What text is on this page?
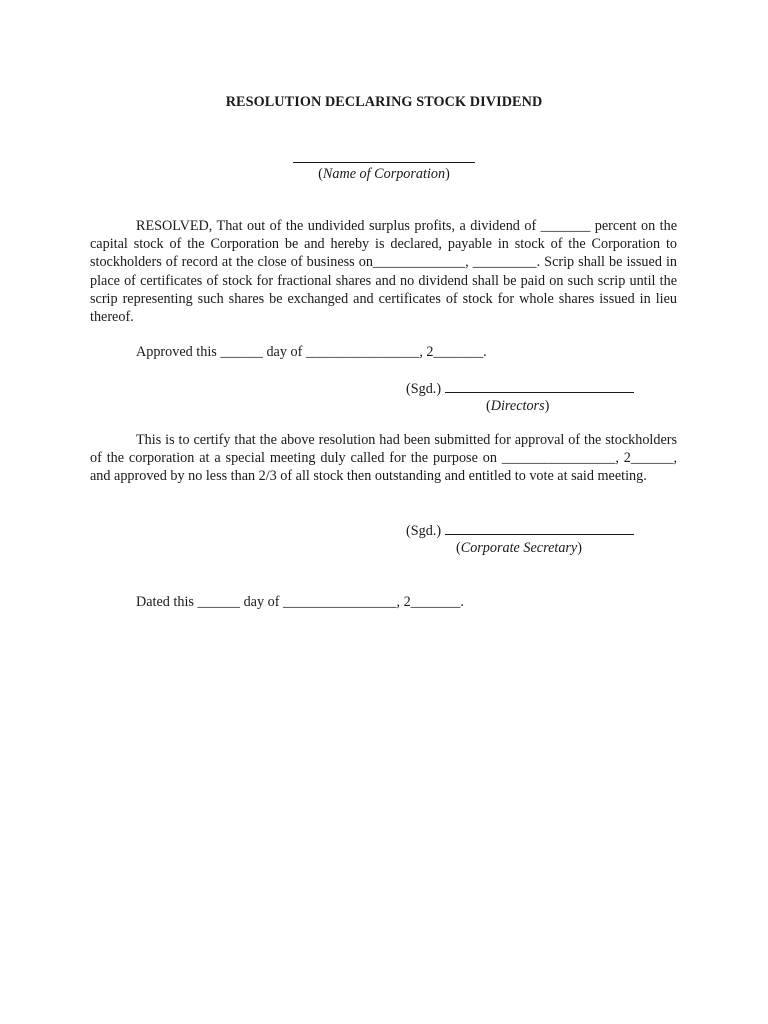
RESOLUTION DECLARING STOCK DIVIDEND
(Name of Corporation)
RESOLVED, That out of the undivided surplus profits, a dividend of _______ percent on the capital stock of the Corporation be and hereby is declared, payable in stock of the Corporation to stockholders of record at the close of business on_____________, _________. Scrip shall be issued in place of certificates of stock for fractional shares and no dividend shall be paid on such scrip until the scrip representing such shares be exchanged and certificates of stock for whole shares issued in lieu thereof.
Approved this ______ day of ________________, 2_______.
(Sgd.)
(Directors)
This is to certify that the above resolution had been submitted for approval of the stockholders of the corporation at a special meeting duly called for the purpose on ________________, 2______, and approved by no less than 2/3 of all stock then outstanding and entitled to vote at said meeting.
(Sgd.)
(Corporate Secretary)
Dated this ______ day of ________________, 2_______.
